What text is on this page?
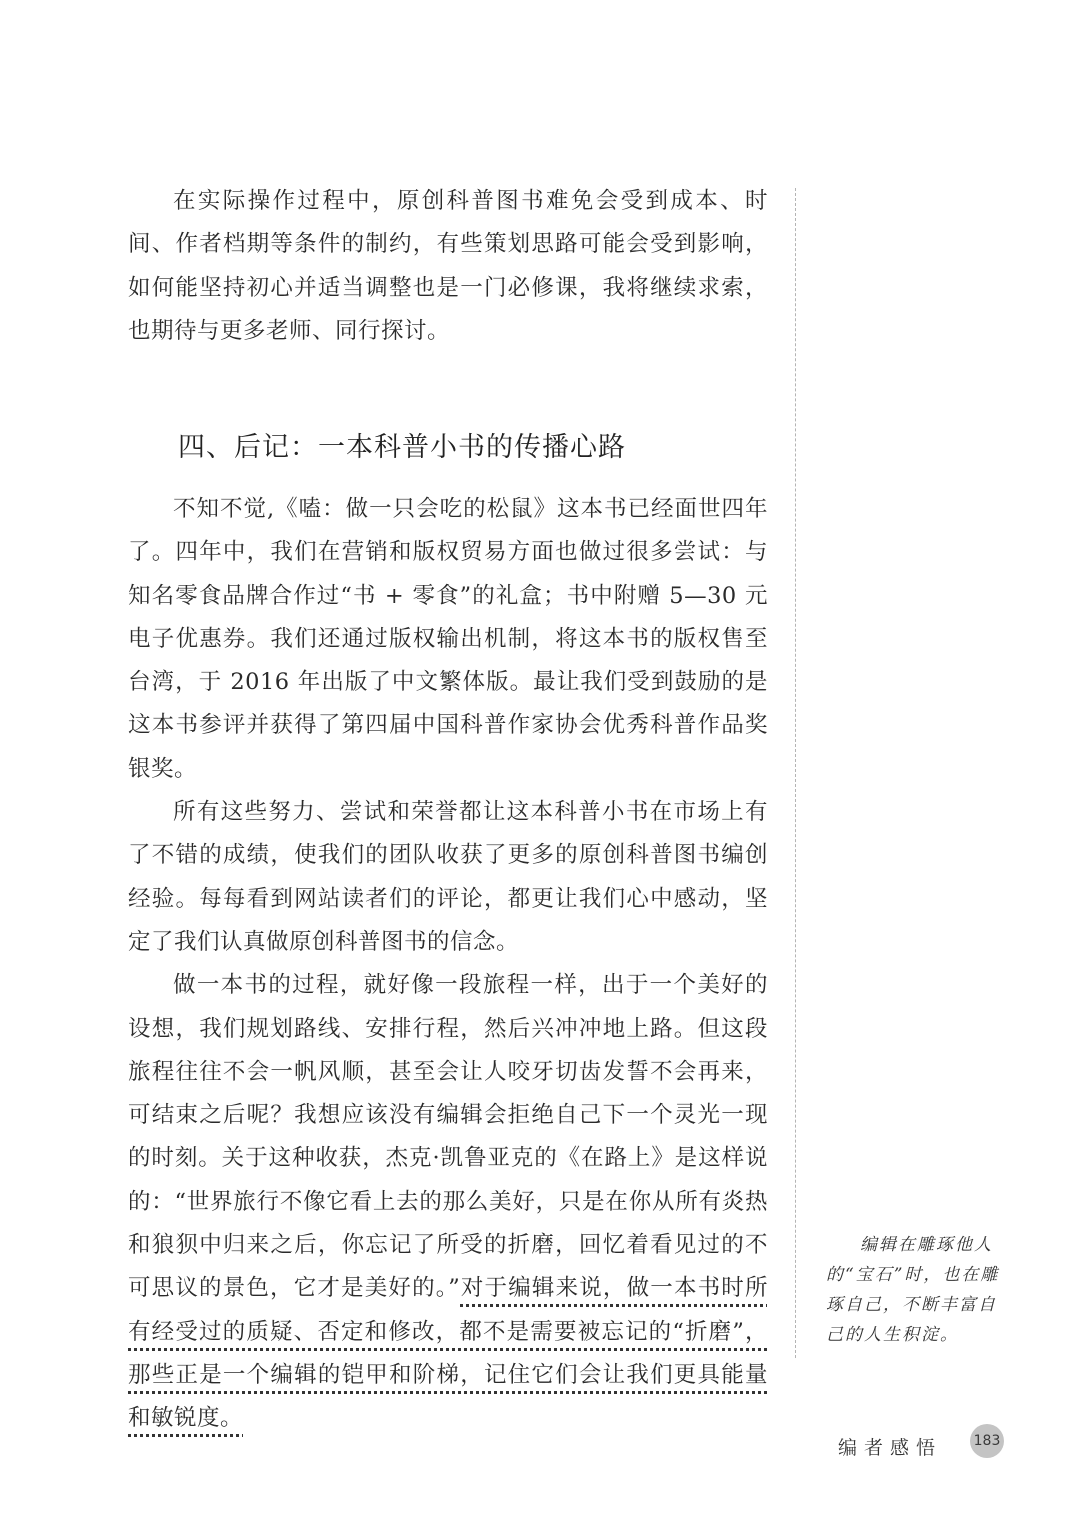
在实际操作过程中，原创科普图书难免会受到成本、时间、作者档期等条件的制约，有些策划思路可能会受到影响，如何能坚持初心并适当调整也是一门必修课，我将继续求索，也期待与更多老师、同行探讨。

四、后记：一本科普小书的传播心路

不知不觉,《嗑：做一只会吃的松鼠》这本书已经面世四年了。四年中，我们在营销和版权贸易方面也做过很多尝试：与知名零食品牌合作过“书 + 零食”的礼盒；书中附赠 5—30 元电子优惠券。我们还通过版权输出机制，将这本书的版权售至台湾，于 2016 年出版了中文繁体版。最让我们受到鼓励的是这本书参评并获得了第四届中国科普作家协会优秀科普作品奖银奖。

所有这些努力、尝试和荣誉都让这本科普小书在市场上有了不错的成绩，使我们的团队收获了更多的原创科普图书编创经验。每每看到网站读者们的评论，都更让我们心中感动，坚定了我们认真做原创科普图书的信念。

做一本书的过程，就好像一段旅程一样，出于一个美好的设想，我们规划路线、安排行程，然后兴冲冲地上路。但这段旅程往往不会一帆风顺，甚至会让人咬牙切齿发誓不会再来，可结束之后呢？我想应该没有编辑会拒绝自己下一个灵光一现的时刻。关于这种收获，杰克·凯鲁亚克的《在路上》是这样说的：“世界旅行不像它看上去的那么美好，只是在你从所有炎热和狼狈中归来之后，你忘记了所受的折磨，回忆着看见过的不可思议的景色，它才是美好的。”对于编辑来说，做一本书时所有经受过的质疑、否定和修改，都不是需要被忘记的“折磨”，那些正是一个编辑的铠甲和阶梯，记住它们会让我们更具能量和敏锐度。

编辑在雕琢他人的“宝石”时，也在雕琢自己，不断丰富自己的人生积淀。

编者感悟 183
